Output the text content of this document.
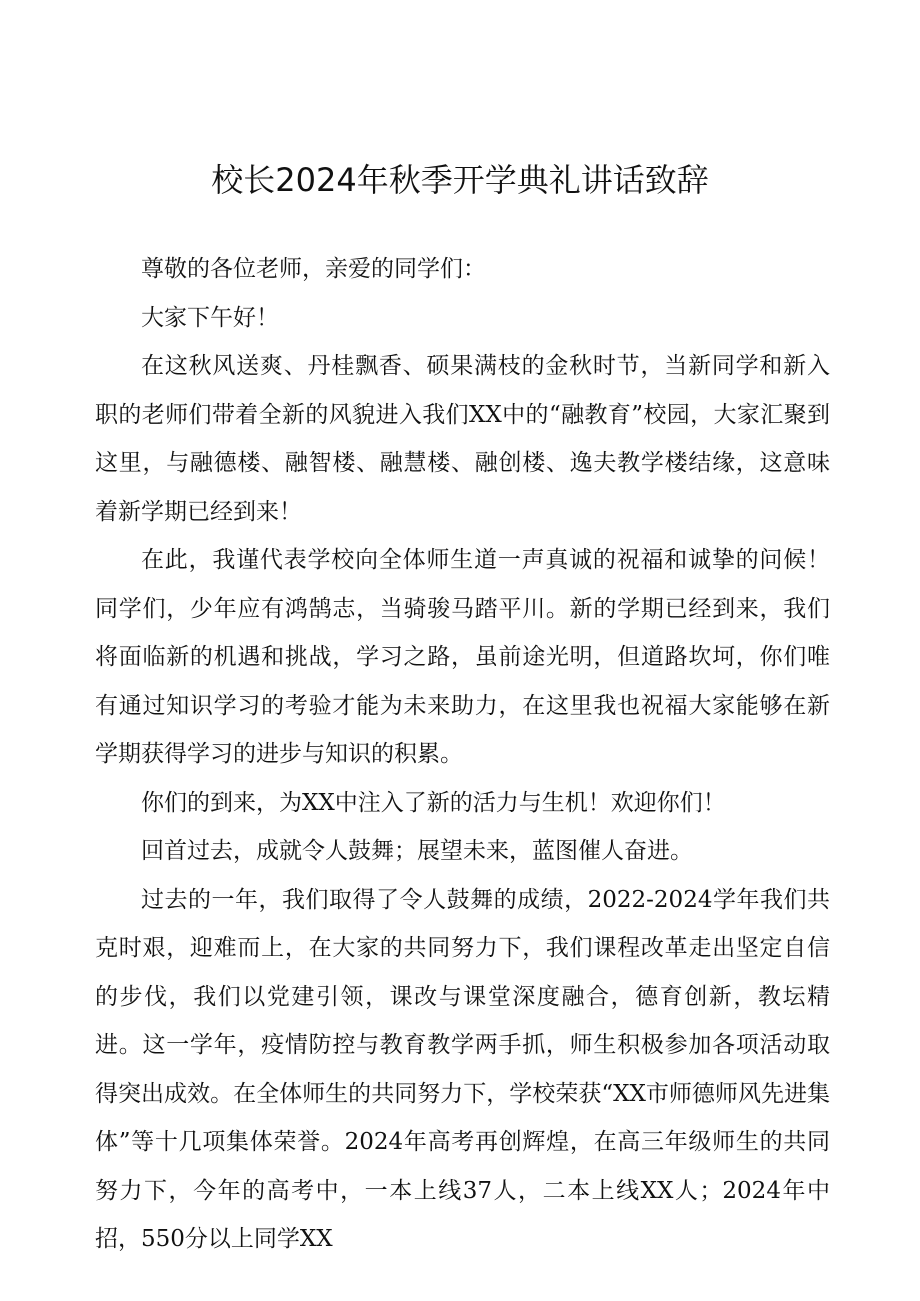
校长2024年秋季开学典礼讲话致辞

尊敬的各位老师，亲爱的同学们：

大家下午好！

在这秋风送爽、丹桂飘香、硕果满枝的金秋时节，当新同学和新入职的老师们带着全新的风貌进入我们XX中的“融教育”校园，大家汇聚到这里，与融德楼、融智楼、融慧楼、融创楼、逸夫教学楼结缘，这意味着新学期已经到来！

在此，我谨代表学校向全体师生道一声真诚的祝福和诚挚的问候！同学们，少年应有鸿鹄志，当骑骏马踏平川。新的学期已经到来，我们将面临新的机遇和挑战，学习之路，虽前途光明，但道路坎坷，你们唯有通过知识学习的考验才能为未来助力，在这里我也祝福大家能够在新学期获得学习的进步与知识的积累。

你们的到来，为XX中注入了新的活力与生机！欢迎你们！

回首过去，成就令人鼓舞；展望未来，蓝图催人奋进。

过去的一年，我们取得了令人鼓舞的成绩，2022-2024学年我们共克时艰，迎难而上，在大家的共同努力下，我们课程改革走出坚定自信的步伐，我们以党建引领，课改与课堂深度融合，德育创新，教坛精进。这一学年，疫情防控与教育教学两手抓，师生积极参加各项活动取得突出成效。在全体师生的共同努力下，学校荣获“XX市师德师风先进集体”等十几项集体荣誉。2024年高考再创辉煌，在高三年级师生的共同努力下，今年的高考中，一本上线37人，二本上线XX人；2024年中招，550分以上同学XX
